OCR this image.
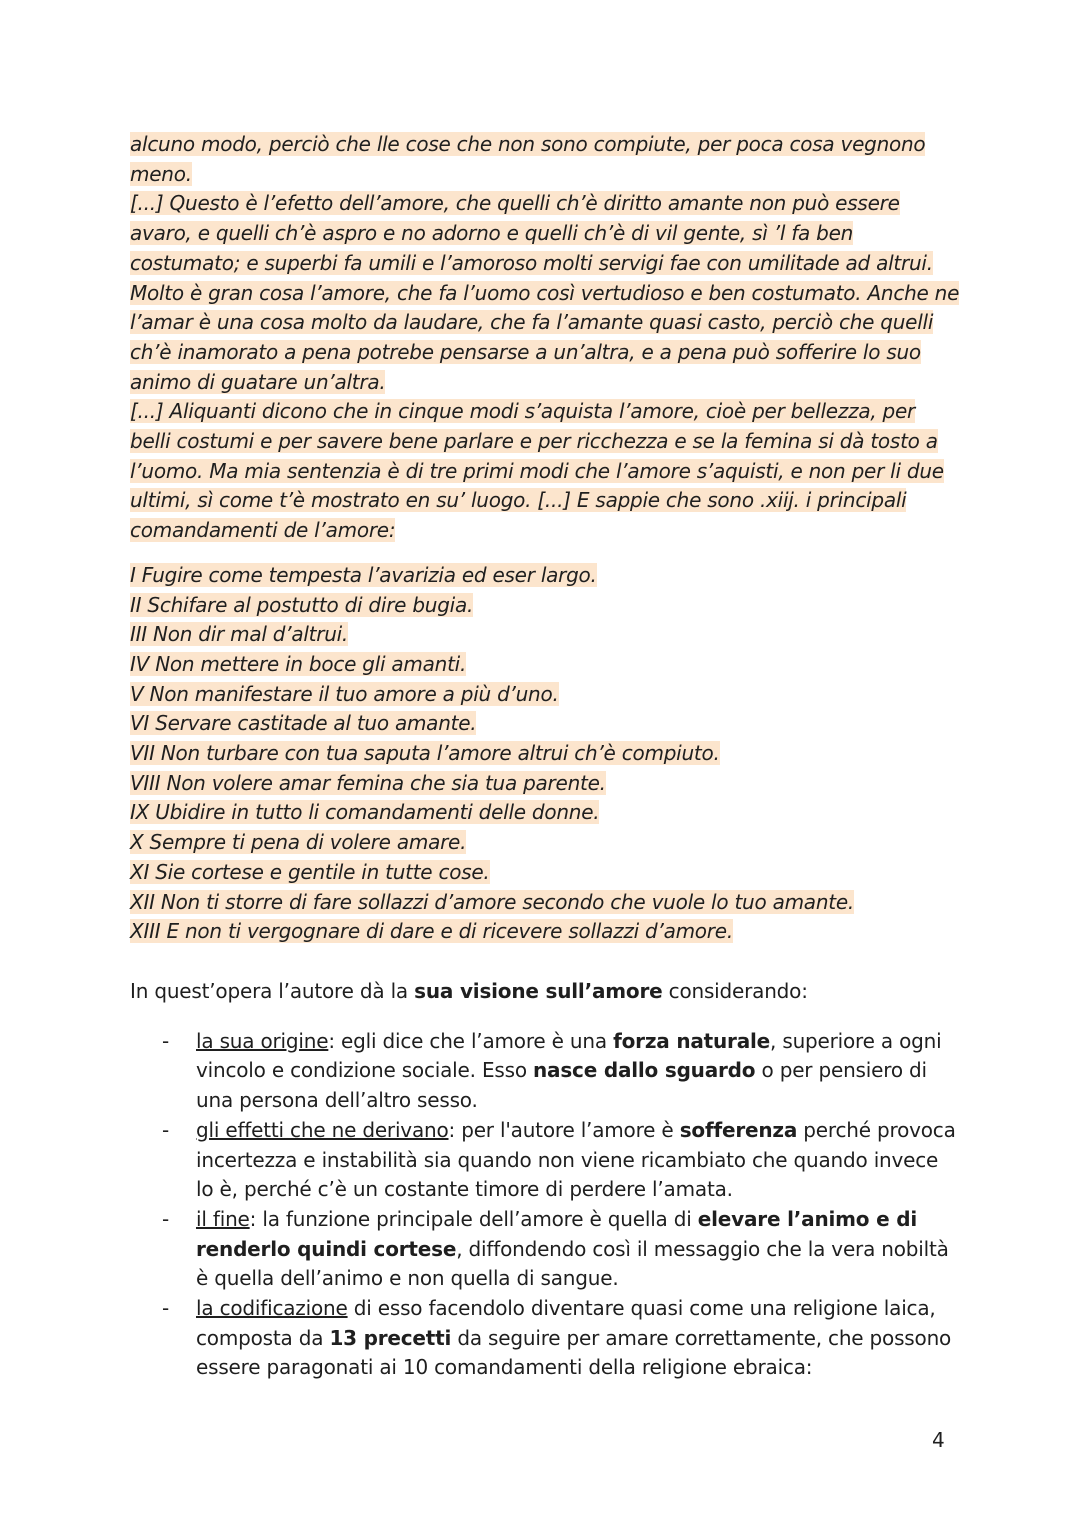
alcuno modo, perciò che lle cose che non sono compiute, per poca cosa vegnono meno.

[...] Questo è l’efetto dell’amore, che quelli ch’è diritto amante non può essere avaro, e quelli ch’è aspro e no adorno e quelli ch’è di vil gente, sì ’l fa ben costumato; e superbi fa umili e l’amoroso molti servigi fae con umilitade ad altrui. Molto è gran cosa l’amore, che fa l’uomo così vertudioso e ben costumato. Anche ne l’amar è una cosa molto da laudare, che fa l’amante quasi casto, perciò che quelli ch’è inamorato a pena potrebe pensarse a un’altra, e a pena può sofferire lo suo animo di guatare un’altra.

[...] Aliquanti dicono che in cinque modi s’aquista l’amore, cioè per bellezza, per belli costumi e per savere bene parlare e per ricchezza e se la femina si dà tosto a l’uomo. Ma mia sentenzia è di tre primi modi che l’amore s’aquisti, e non per li due ultimi, sì come t’è mostrato en su’ luogo. [...] E sappie che sono .xiij. i principali comandamenti de l’amore:

I Fugire come tempesta l’avarizia ed eser largo.
II Schifare al postutto di dire bugia.
III Non dir mal d’altrui.
IV Non mettere in boce gli amanti.
V Non manifestare il tuo amore a più d’uno.
VI Servare castitade al tuo amante.
VII Non turbare con tua saputa l’amore altrui ch’è compiuto.
VIII Non volere amar femina che sia tua parente.
IX Ubidire in tutto li comandamenti delle donne.
X Sempre ti pena di volere amare.
XI Sie cortese e gentile in tutte cose.
XII Non ti storre di fare sollazzi d’amore secondo che vuole lo tuo amante.
XIII E non ti vergognare di dare e di ricevere sollazzi d’amore.

In quest’opera l’autore dà la sua visione sull’amore considerando:

- la sua origine: egli dice che l’amore è una forza naturale, superiore a ogni vincolo e condizione sociale. Esso nasce dallo sguardo o per pensiero di una persona dell’altro sesso.
- gli effetti che ne derivano: per l'autore l’amore è sofferenza perché provoca incertezza e instabilità sia quando non viene ricambiato che quando invece lo è, perché c’è un costante timore di perdere l’amata.
- il fine: la funzione principale dell’amore è quella di elevare l’animo e di renderlo quindi cortese, diffondendo così il messaggio che la vera nobiltà è quella dell’animo e non quella di sangue.
- la codificazione di esso facendolo diventare quasi come una religione laica, composta da 13 precetti da seguire per amare correttamente, che possono essere paragonati ai 10 comandamenti della religione ebraica:
4
